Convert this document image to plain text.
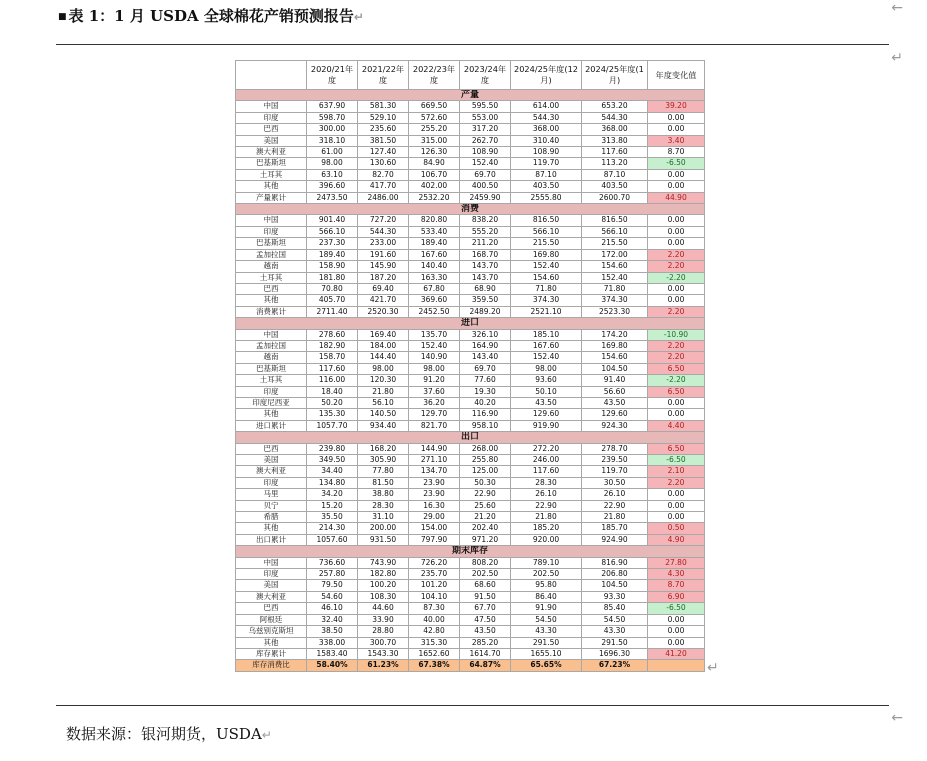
←
■ 表 1：1 月 USDA 全球棉花产销预测报告↵
↵
	2020/21年度	2021/22年度	2022/23年度	2023/24年度	2024/25年度(12月)	2024/25年度(1月)	年度变化值
产量							
中国	637.90	581.30	669.50	595.50	614.00	653.20	39.20
印度	598.70	529.10	572.60	553.00	544.30	544.30	0.00
巴西	300.00	235.60	255.20	317.20	368.00	368.00	0.00
美国	318.10	381.50	315.00	262.70	310.40	313.80	3.40
澳大利亚	61.00	127.40	126.30	108.90	108.90	117.60	8.70
巴基斯坦	98.00	130.60	84.90	152.40	119.70	113.20	-6.50
土耳其	63.10	82.70	106.70	69.70	87.10	87.10	0.00
其他	396.60	417.70	402.00	400.50	403.50	403.50	0.00
产量累计	2473.50	2486.00	2532.20	2459.90	2555.80	2600.70	44.90
消费							
中国	901.40	727.20	820.80	838.20	816.50	816.50	0.00
印度	566.10	544.30	533.40	555.20	566.10	566.10	0.00
巴基斯坦	237.30	233.00	189.40	211.20	215.50	215.50	0.00
孟加拉国	189.40	191.60	167.60	168.70	169.80	172.00	2.20
越南	158.90	145.90	140.40	143.70	152.40	154.60	2.20
土耳其	181.80	187.20	163.30	143.70	154.60	152.40	-2.20
巴西	70.80	69.40	67.80	68.90	71.80	71.80	0.00
其他	405.70	421.70	369.60	359.50	374.30	374.30	0.00
消费累计	2711.40	2520.30	2452.50	2489.20	2521.10	2523.30	2.20
进口							
中国	278.60	169.40	135.70	326.10	185.10	174.20	-10.90
孟加拉国	182.90	184.00	152.40	164.90	167.60	169.80	2.20
越南	158.70	144.40	140.90	143.40	152.40	154.60	2.20
巴基斯坦	117.60	98.00	98.00	69.70	98.00	104.50	6.50
土耳其	116.00	120.30	91.20	77.60	93.60	91.40	-2.20
印度	18.40	21.80	37.60	19.30	50.10	56.60	6.50
印度尼西亚	50.20	56.10	36.20	40.20	43.50	43.50	0.00
其他	135.30	140.50	129.70	116.90	129.60	129.60	0.00
进口累计	1057.70	934.40	821.70	958.10	919.90	924.30	4.40
出口							
巴西	239.80	168.20	144.90	268.00	272.20	278.70	6.50
美国	349.50	305.90	271.10	255.80	246.00	239.50	-6.50
澳大利亚	34.40	77.80	134.70	125.00	117.60	119.70	2.10
印度	134.80	81.50	23.90	50.30	28.30	30.50	2.20
马里	34.20	38.80	23.90	22.90	26.10	26.10	0.00
贝宁	15.20	28.30	16.30	25.60	22.90	22.90	0.00
希腊	35.50	31.10	29.00	21.20	21.80	21.80	0.00
其他	214.30	200.00	154.00	202.40	185.20	185.70	0.50
出口累计	1057.60	931.50	797.90	971.20	920.00	924.90	4.90
期末库存							
中国	736.60	743.90	726.20	808.20	789.10	816.90	27.80
印度	257.80	182.80	235.70	202.50	202.50	206.80	4.30
美国	79.50	100.20	101.20	68.60	95.80	104.50	8.70
澳大利亚	54.60	108.30	104.10	91.50	86.40	93.30	6.90
巴西	46.10	44.60	87.30	67.70	91.90	85.40	-6.50
阿根廷	32.40	33.90	40.00	47.50	54.50	54.50	0.00
乌兹别克斯坦	38.50	28.80	42.80	43.50	43.30	43.30	0.00
其他	338.00	300.70	315.30	285.20	291.50	291.50	0.00
库存累计	1583.40	1543.30	1652.60	1614.70	1655.10	1696.30	41.20
库存消费比	58.40%	61.23%	67.38%	64.87%	65.65%	67.23%		↵
←
数据来源：银河期货，USDA↵
